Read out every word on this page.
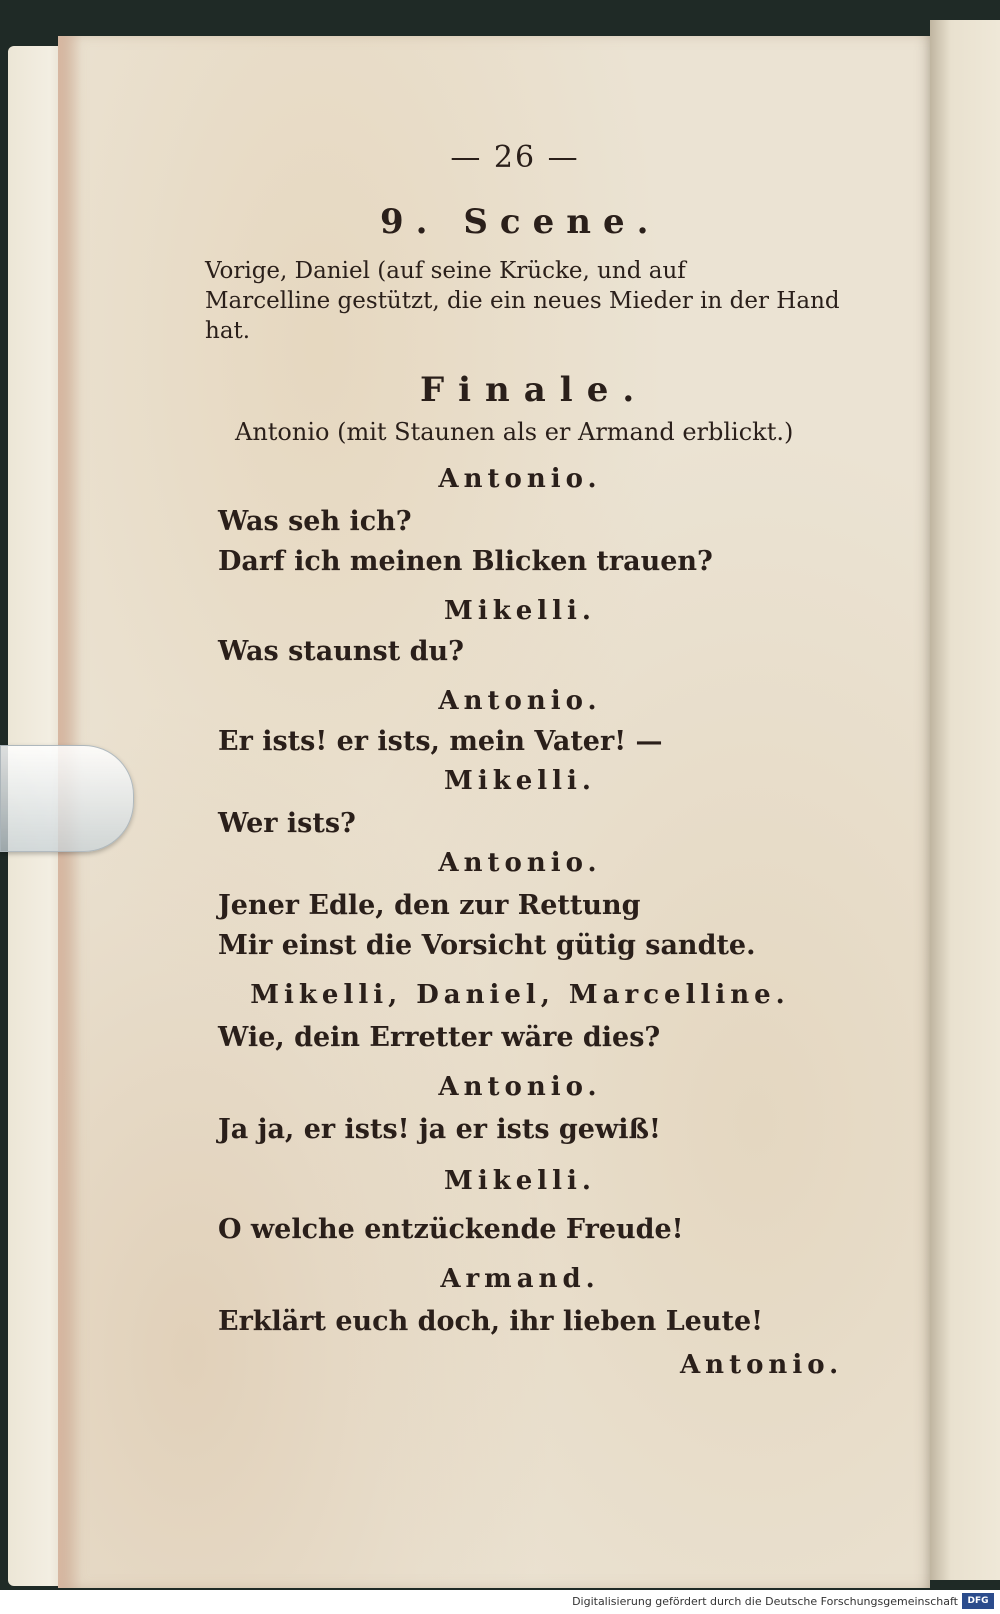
— 26 —
9. Scene.
Vorige, Daniel (auf seine Krücke, und auf
Marcelline gestützt, die ein neues Mieder in der Hand
hat.
Finale.
Antonio (mit Staunen als er Armand erblickt.)
Antonio.
Was seh ich?
Darf ich meinen Blicken trauen?
Mikelli.
Was staunst du?
Antonio.
Er ists! er ists, mein Vater! —
Mikelli.
Wer ists?
Antonio.
Jener Edle, den zur Rettung
Mir einst die Vorsicht gütig sandte.
Mikelli, Daniel, Marcelline.
Wie, dein Erretter wäre dies?
Antonio.
Ja ja, er ists! ja er ists gewiß!
Mikelli.
O welche entzückende Freude!
Armand.
Erklärt euch doch, ihr lieben Leute!
Antonio.
Digitalisierung gefördert durch die Deutsche Forschungsgemeinschaft	DFG
